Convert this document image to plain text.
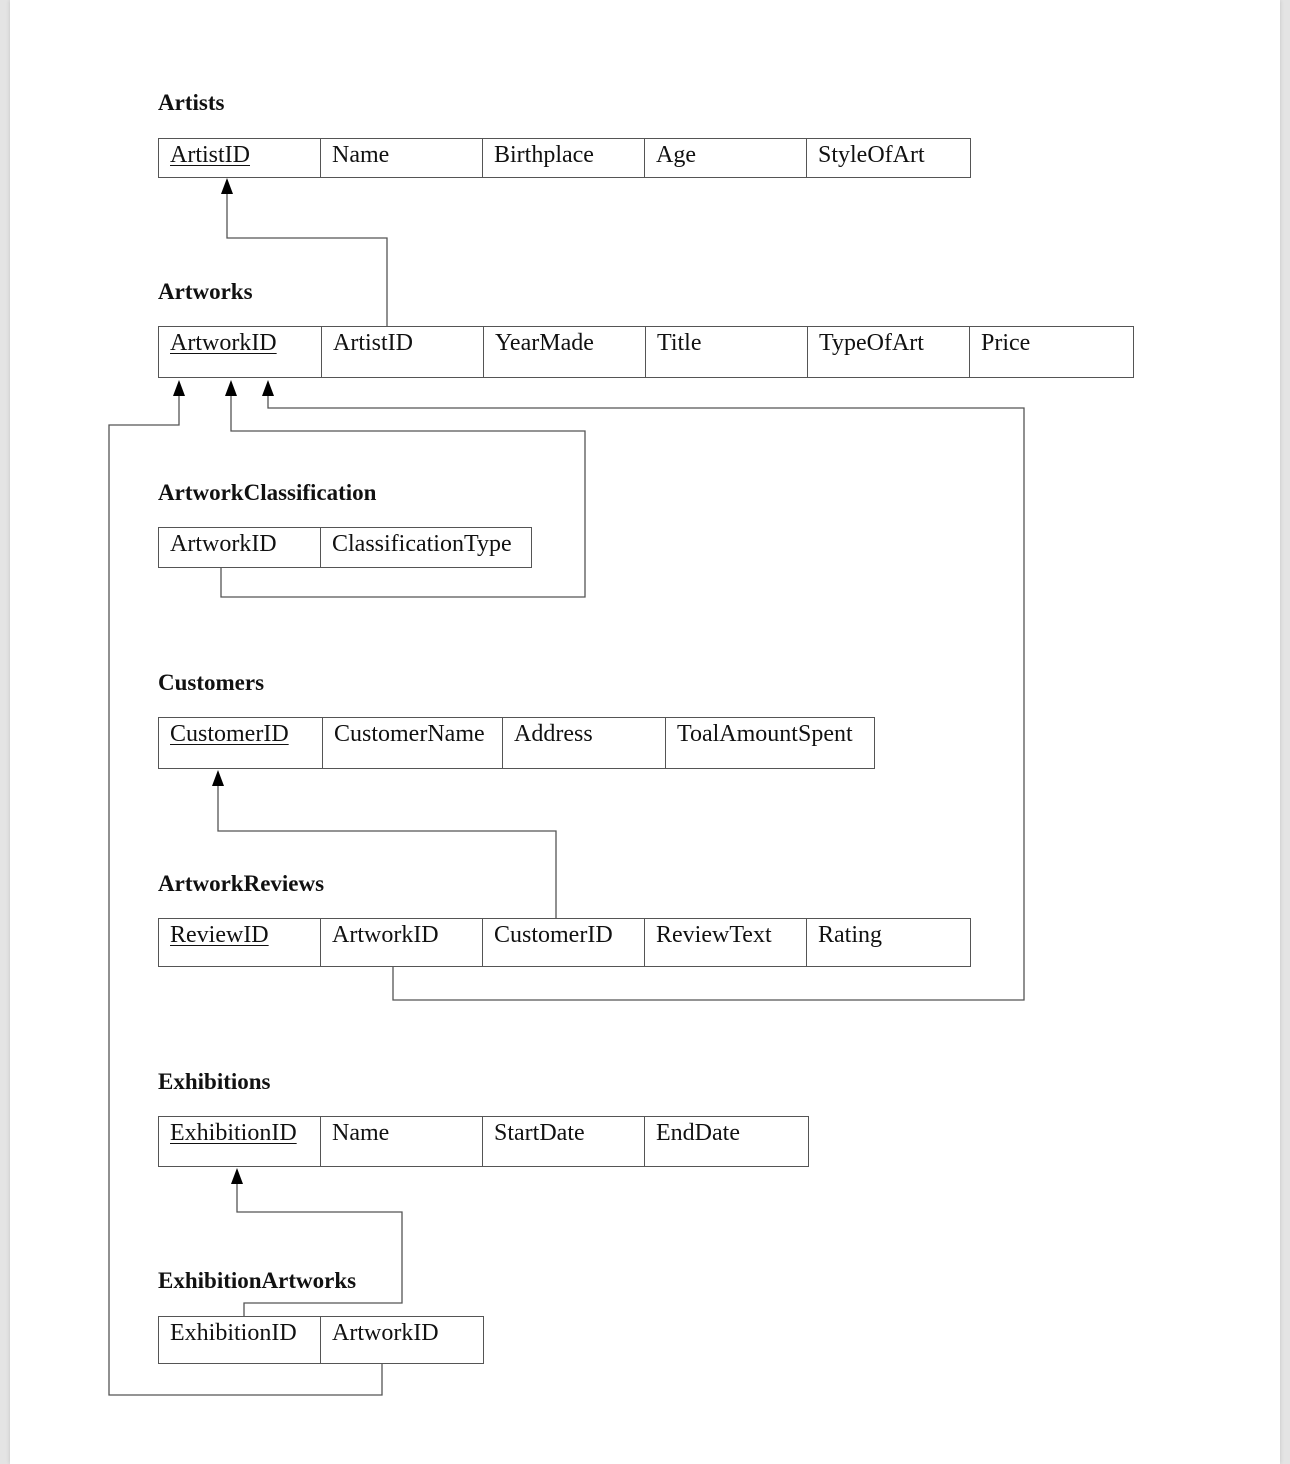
Artists
ArtistID	Name	Birthplace	Age	StyleOfArt
Artworks
ArtworkID	ArtistID	YearMade	Title	TypeOfArt	Price
ArtworkClassification
ArtworkID	ClassificationType
Customers
CustomerID	CustomerName	Address	ToalAmountSpent
ArtworkReviews
ReviewID	ArtworkID	CustomerID	ReviewText	Rating
Exhibitions
ExhibitionID	Name	StartDate	EndDate
ExhibitionArtworks
ExhibitionID	ArtworkID
